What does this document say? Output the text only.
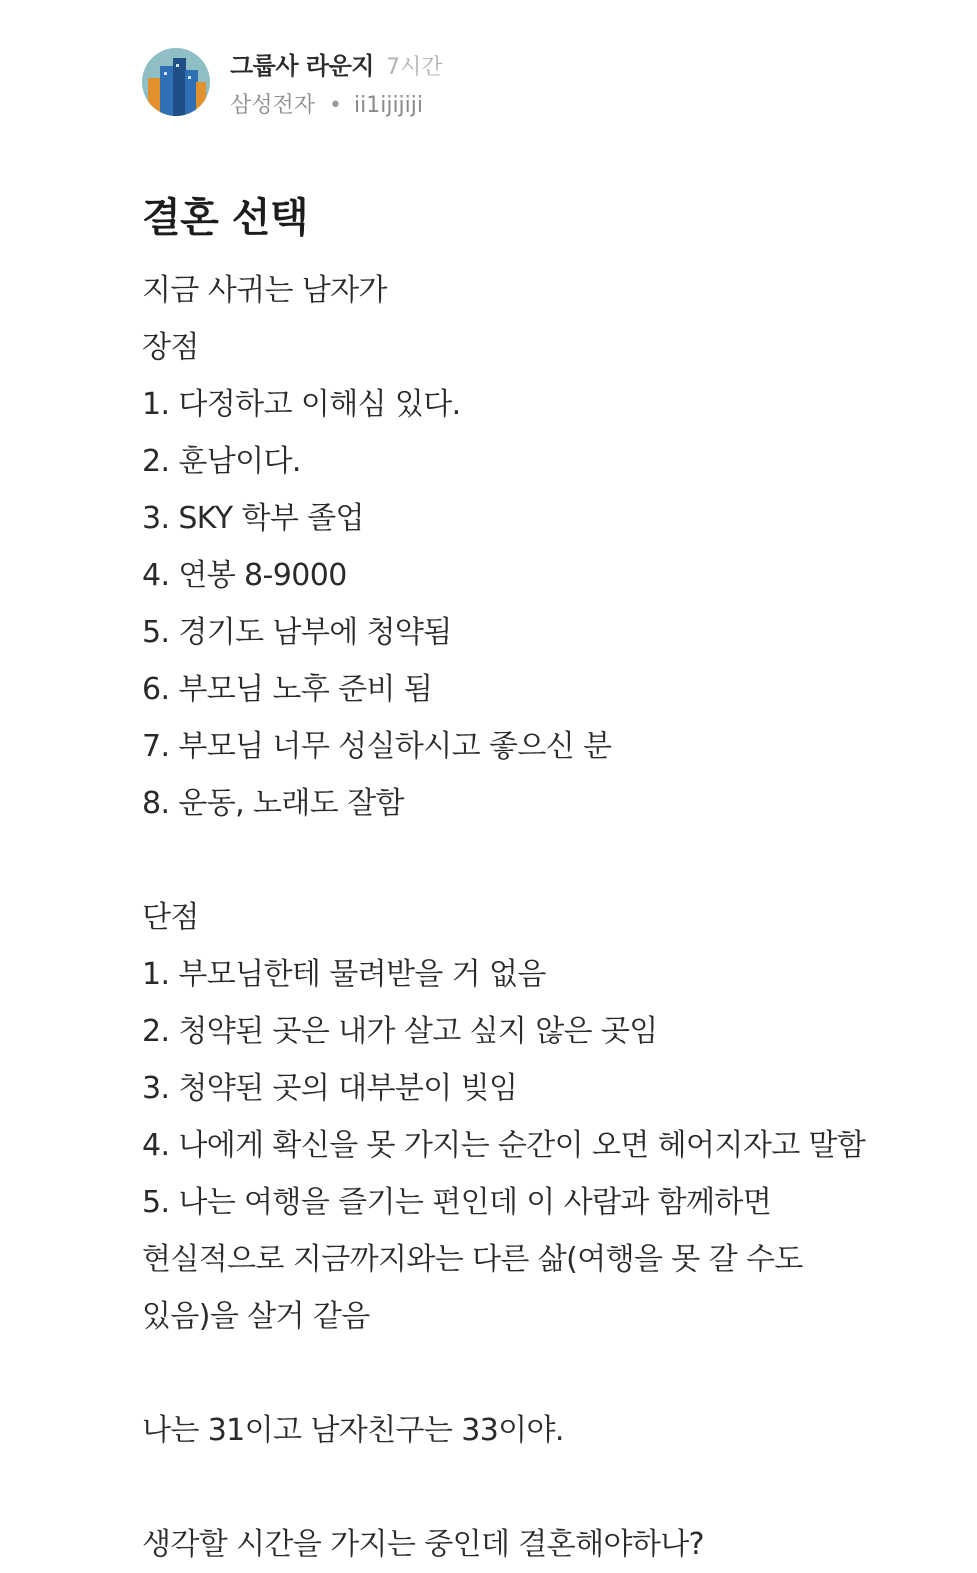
그룹사 라운지 7시간
삼성전자 • ii1ijijiji
결혼 선택
지금 사귀는 남자가
장점
1. 다정하고 이해심 있다.
2. 훈남이다.
3. SKY 학부 졸업
4. 연봉 8-9000
5. 경기도 남부에 청약됨
6. 부모님 노후 준비 됨
7. 부모님 너무 성실하시고 좋으신 분
8. 운동, 노래도 잘함
단점
1. 부모님한테 물려받을 거 없음
2. 청약된 곳은 내가 살고 싶지 않은 곳임
3. 청약된 곳의 대부분이 빚임
4. 나에게 확신을 못 가지는 순간이 오면 헤어지자고 말함
5. 나는 여행을 즐기는 편인데 이 사람과 함께하면
현실적으로 지금까지와는 다른 삶(여행을 못 갈 수도
있음)을 살거 같음
나는 31이고 남자친구는 33이야.
생각할 시간을 가지는 중인데 결혼해야하나?
